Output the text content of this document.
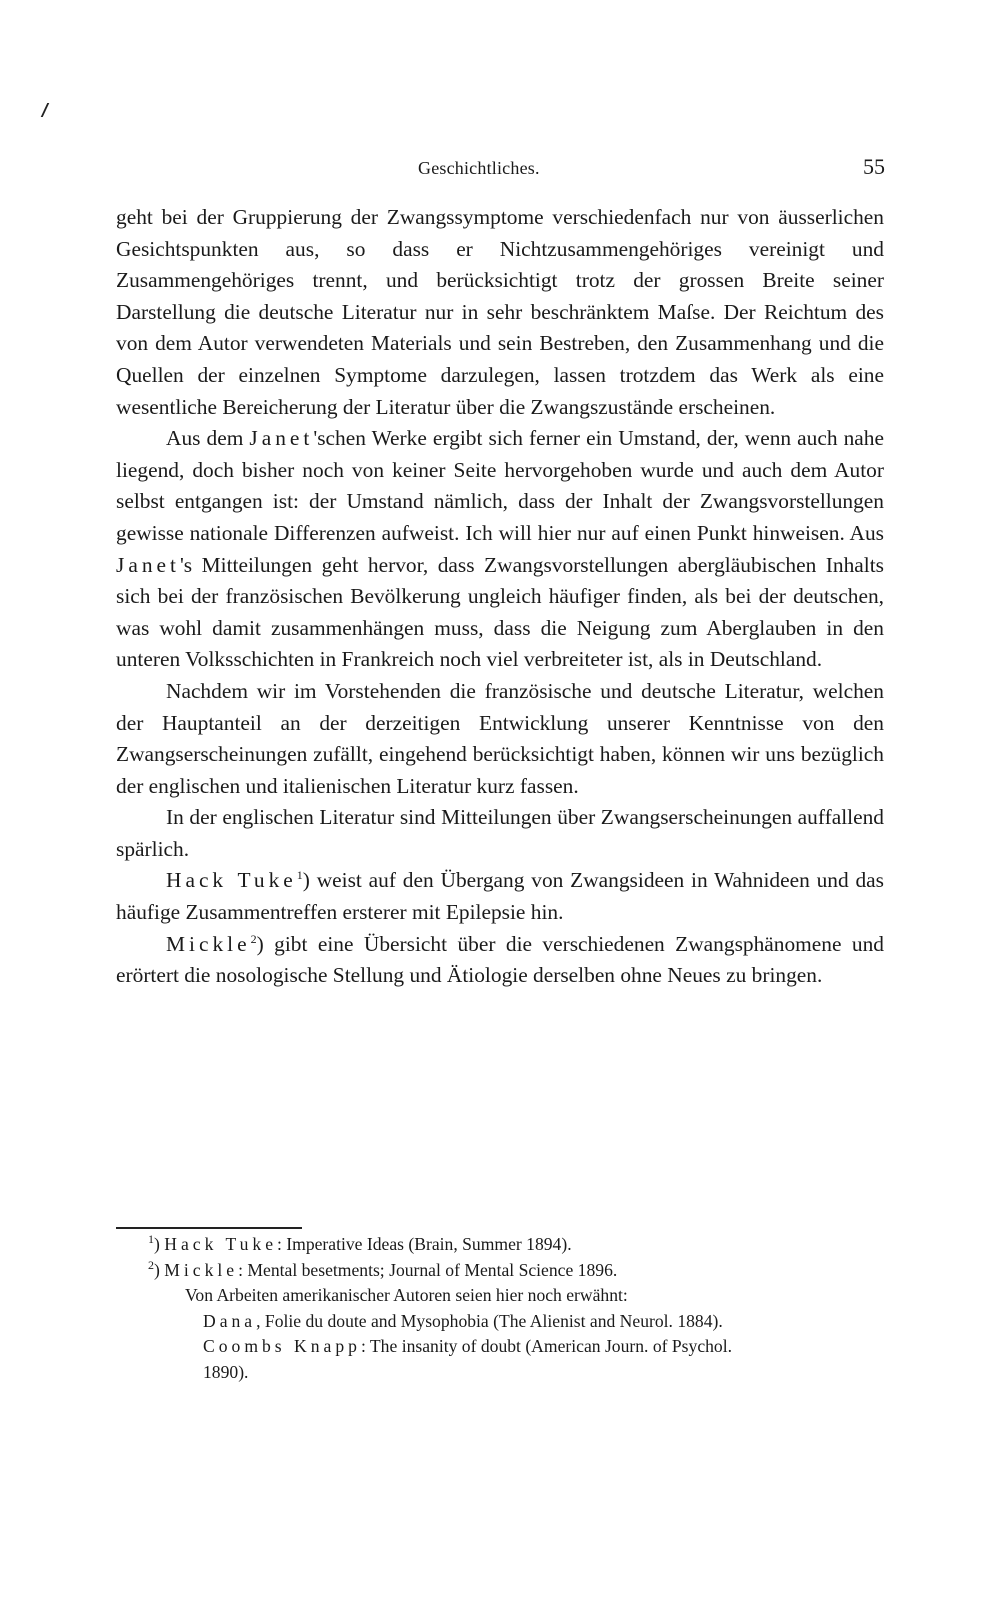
Geschichtliches.	55

geht bei der Gruppierung der Zwangssymptome verschiedenfach nur von äusserlichen Gesichtspunkten aus, so dass er Nichtzusammengehöriges vereinigt und Zusammengehöriges trennt, und berücksichtigt trotz der grossen Breite seiner Darstellung die deutsche Literatur nur in sehr beschränktem Maſse. Der Reichtum des von dem Autor verwendeten Materials und sein Bestreben, den Zusammenhang und die Quellen der einzelnen Symptome darzulegen, lassen trotzdem das Werk als eine wesentliche Bereicherung der Literatur über die Zwangszustände erscheinen.

Aus dem Janet'schen Werke ergibt sich ferner ein Umstand, der, wenn auch nahe liegend, doch bisher noch von keiner Seite hervorgehoben wurde und auch dem Autor selbst entgangen ist: der Umstand nämlich, dass der Inhalt der Zwangsvorstellungen gewisse nationale Differenzen aufweist. Ich will hier nur auf einen Punkt hinweisen. Aus Janet's Mitteilungen geht hervor, dass Zwangsvorstellungen abergläubischen Inhalts sich bei der französischen Bevölkerung ungleich häufiger finden, als bei der deutschen, was wohl damit zusammenhängen muss, dass die Neigung zum Aberglauben in den unteren Volksschichten in Frankreich noch viel verbreiteter ist, als in Deutschland.

Nachdem wir im Vorstehenden die französische und deutsche Literatur, welchen der Hauptanteil an der derzeitigen Entwicklung unserer Kenntnisse von den Zwangserscheinungen zufällt, eingehend berücksichtigt haben, können wir uns bezüglich der englischen und italienischen Literatur kurz fassen.

In der englischen Literatur sind Mitteilungen über Zwangserscheinungen auffallend spärlich.

Hack Tuke$^1$) weist auf den Übergang von Zwangsideen in Wahnideen und das häufige Zusammentreffen ersterer mit Epilepsie hin.

Mickle$^2$) gibt eine Übersicht über die verschiedenen Zwangsphänomene und erörtert die nosologische Stellung und Ätiologie derselben ohne Neues zu bringen.

$^1$) Hack Tuke: Imperative Ideas (Brain, Summer 1894).
$^2$) Mickle: Mental besetments; Journal of Mental Science 1896.
Von Arbeiten amerikanischer Autoren seien hier noch erwähnt:
Dana, Folie du doute and Mysophobia (The Alienist and Neurol. 1884).
Coombs Knapp: The insanity of doubt (American Journ. of Psychol.
1890).
